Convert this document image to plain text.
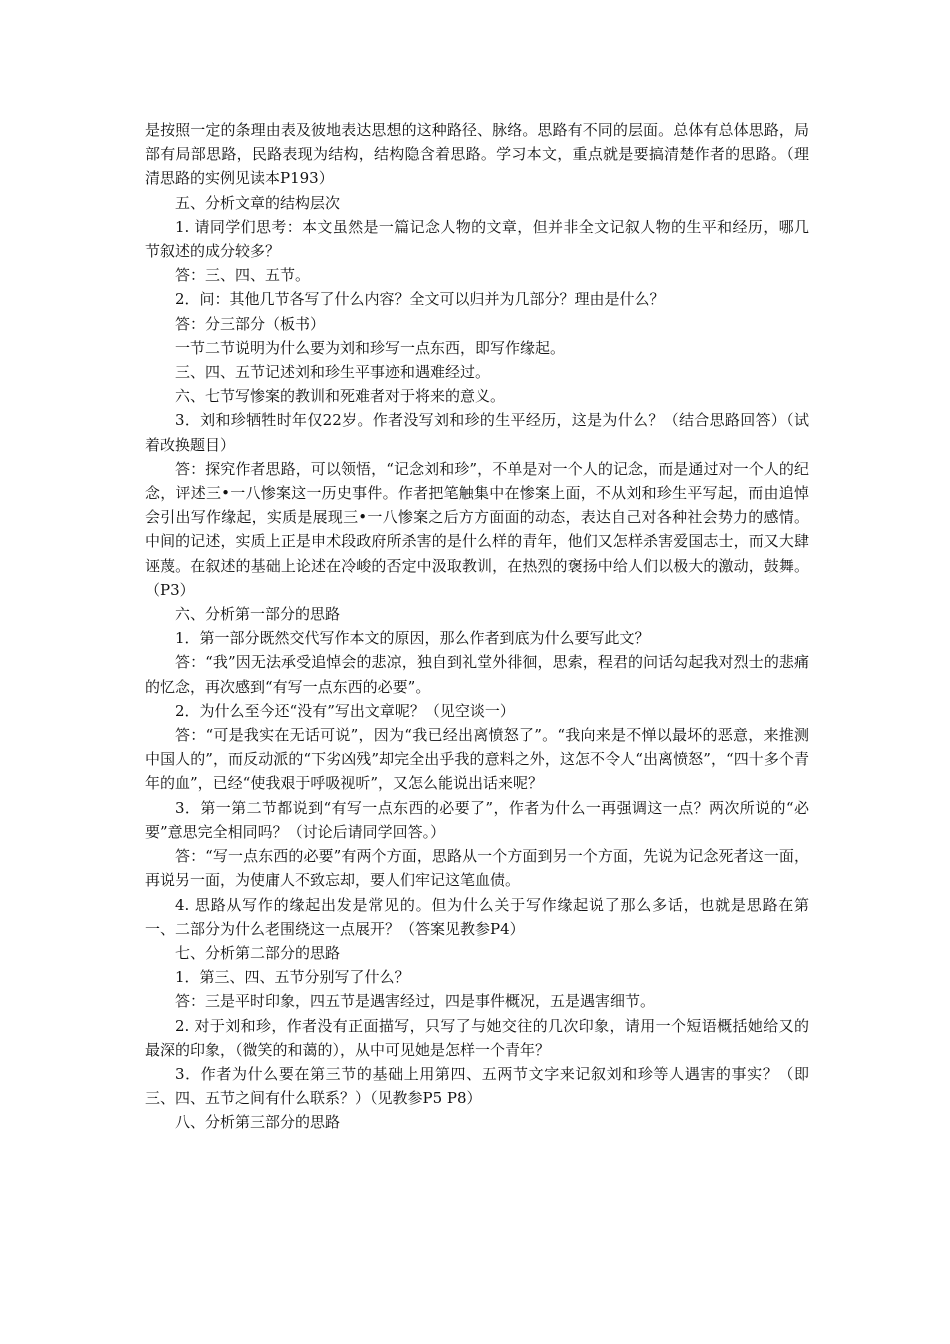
是按照一定的条理由表及彼地表达思想的这种路径、脉络。思路有不同的层面。总体有总体思路，局部有局部思路，民路表现为结构，结构隐含着思路。学习本文，重点就是要搞清楚作者的思路。（理清思路的实例见读本P193）

五、分析文章的结构层次

1. 请同学们思考：本文虽然是一篇记念人物的文章，但并非全文记叙人物的生平和经历，哪几节叙述的成分较多？

答：三、四、五节。

2．问：其他几节各写了什么内容？全文可以归并为几部分？理由是什么？

答：分三部分（板书）

一节二节说明为什么要为刘和珍写一点东西，即写作缘起。

三、四、五节记述刘和珍生平事迹和遇难经过。

六、七节写惨案的教训和死难者对于将来的意义。

3．刘和珍牺牲时年仅22岁。作者没写刘和珍的生平经历，这是为什么？（结合思路回答）（试着改换题目）

答：探究作者思路，可以领悟，“记念刘和珍”，不单是对一个人的记念，而是通过对一个人的纪念，评述三•一八惨案这一历史事件。作者把笔触集中在惨案上面，不从刘和珍生平写起，而由追悼会引出写作缘起，实质是展现三•一八惨案之后方方面面的动态，表达自己对各种社会势力的感情。中间的记述，实质上正是申术段政府所杀害的是什么样的青年，他们又怎样杀害爱国志士，而又大肆诬蔑。在叙述的基础上论述在冷峻的否定中汲取教训，在热烈的褒扬中给人们以极大的激动，鼓舞。（P3）

六、分析第一部分的思路

1．第一部分既然交代写作本文的原因，那么作者到底为什么要写此文？

答：“我”因无法承受追悼会的悲凉，独自到礼堂外徘徊，思索，程君的问话勾起我对烈士的悲痛的忆念，再次感到“有写一点东西的必要”。

2．为什么至今还“没有”写出文章呢？（见空谈一）

答：“可是我实在无话可说”，因为“我已经出离愤怒了”。“我向来是不惮以最坏的恶意，来推测中国人的”，而反动派的“下劣凶残”却完全出乎我的意料之外，这怎不令人“出离愤怒”，“四十多个青年的血”，已经“使我艰于呼吸视听”，又怎么能说出话来呢？

3．第一第二节都说到“有写一点东西的必要了”，作者为什么一再强调这一点？两次所说的“必要”意思完全相同吗？（讨论后请同学回答。）

答：“写一点东西的必要”有两个方面，思路从一个方面到另一个方面，先说为记念死者这一面，再说另一面，为使庸人不致忘却，要人们牢记这笔血债。

4. 思路从写作的缘起出发是常见的。但为什么关于写作缘起说了那么多话，也就是思路在第一、二部分为什么老围绕这一点展开？（答案见教参P4）

七、分析第二部分的思路

1．第三、四、五节分别写了什么？

答：三是平时印象，四五节是遇害经过，四是事件概况，五是遇害细节。

2. 对于刘和珍，作者没有正面描写，只写了与她交往的几次印象，请用一个短语概括她给又的最深的印象，（微笑的和蔼的），从中可见她是怎样一个青年？

3．作者为什么要在第三节的基础上用第四、五两节文字来记叙刘和珍等人遇害的事实？（即三、四、五节之间有什么联系？）（见教参P5 P8）

八、分析第三部分的思路
